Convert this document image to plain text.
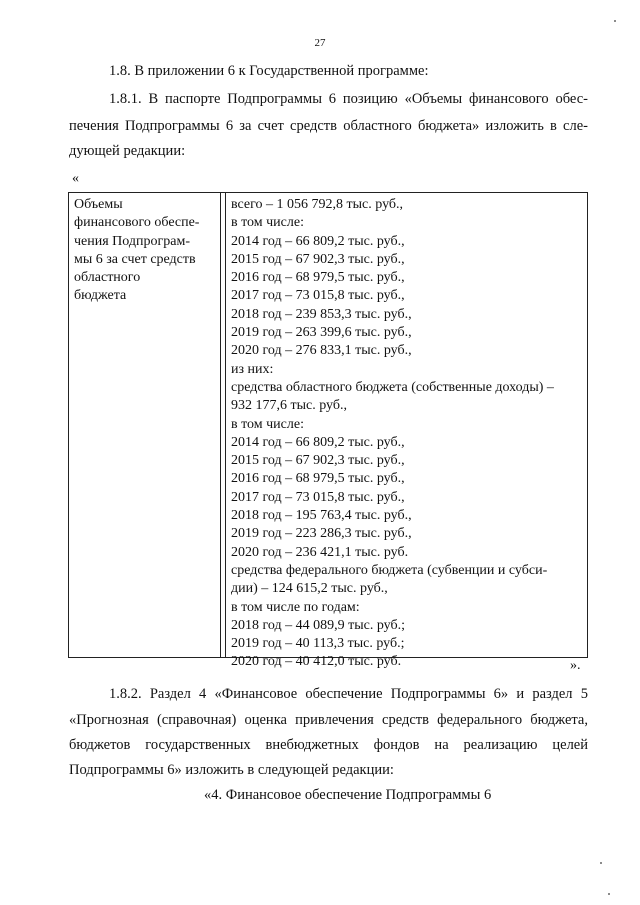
27
1.8. В приложении 6 к Государственной программе:
1.8.1. В паспорте Подпрограммы 6 позицию «Объемы финансового обес-
печения Подпрограммы 6 за счет средств областного бюджета» изложить в сле-
дующей редакции:
«
Объемы
финансового обеспе-
чения Подпрограм-
мы 6 за счет средств
областного
бюджета
всего – 1 056 792,8 тыс. руб.,
в том числе:
2014 год – 66 809,2 тыс. руб.,
2015 год – 67 902,3 тыс. руб.,
2016 год – 68 979,5 тыс. руб.,
2017 год – 73 015,8 тыс. руб.,
2018 год – 239 853,3 тыс. руб.,
2019 год – 263 399,6 тыс. руб.,
2020 год – 276 833,1 тыс. руб.,
из них:
средства областного бюджета (собственные доходы) –
932 177,6 тыс. руб.,
в том числе:
2014 год – 66 809,2 тыс. руб.,
2015 год – 67 902,3 тыс. руб.,
2016 год – 68 979,5 тыс. руб.,
2017 год – 73 015,8 тыс. руб.,
2018 год – 195 763,4 тыс. руб.,
2019 год – 223 286,3 тыс. руб.,
2020 год – 236 421,1 тыс. руб.
средства федерального бюджета (субвенции и субси-
дии) – 124 615,2 тыс. руб.,
в том числе по годам:
2018 год – 44 089,9 тыс. руб.;
2019 год – 40 113,3 тыс. руб.;
2020 год – 40 412,0 тыс. руб.	».
1.8.2. Раздел 4 «Финансовое обеспечение Подпрограммы 6» и раздел 5
«Прогнозная (справочная) оценка привлечения средств федерального бюджета,
бюджетов государственных внебюджетных фондов на реализацию целей
Подпрограммы 6» изложить в следующей редакции:
«4. Финансовое обеспечение Подпрограммы 6
